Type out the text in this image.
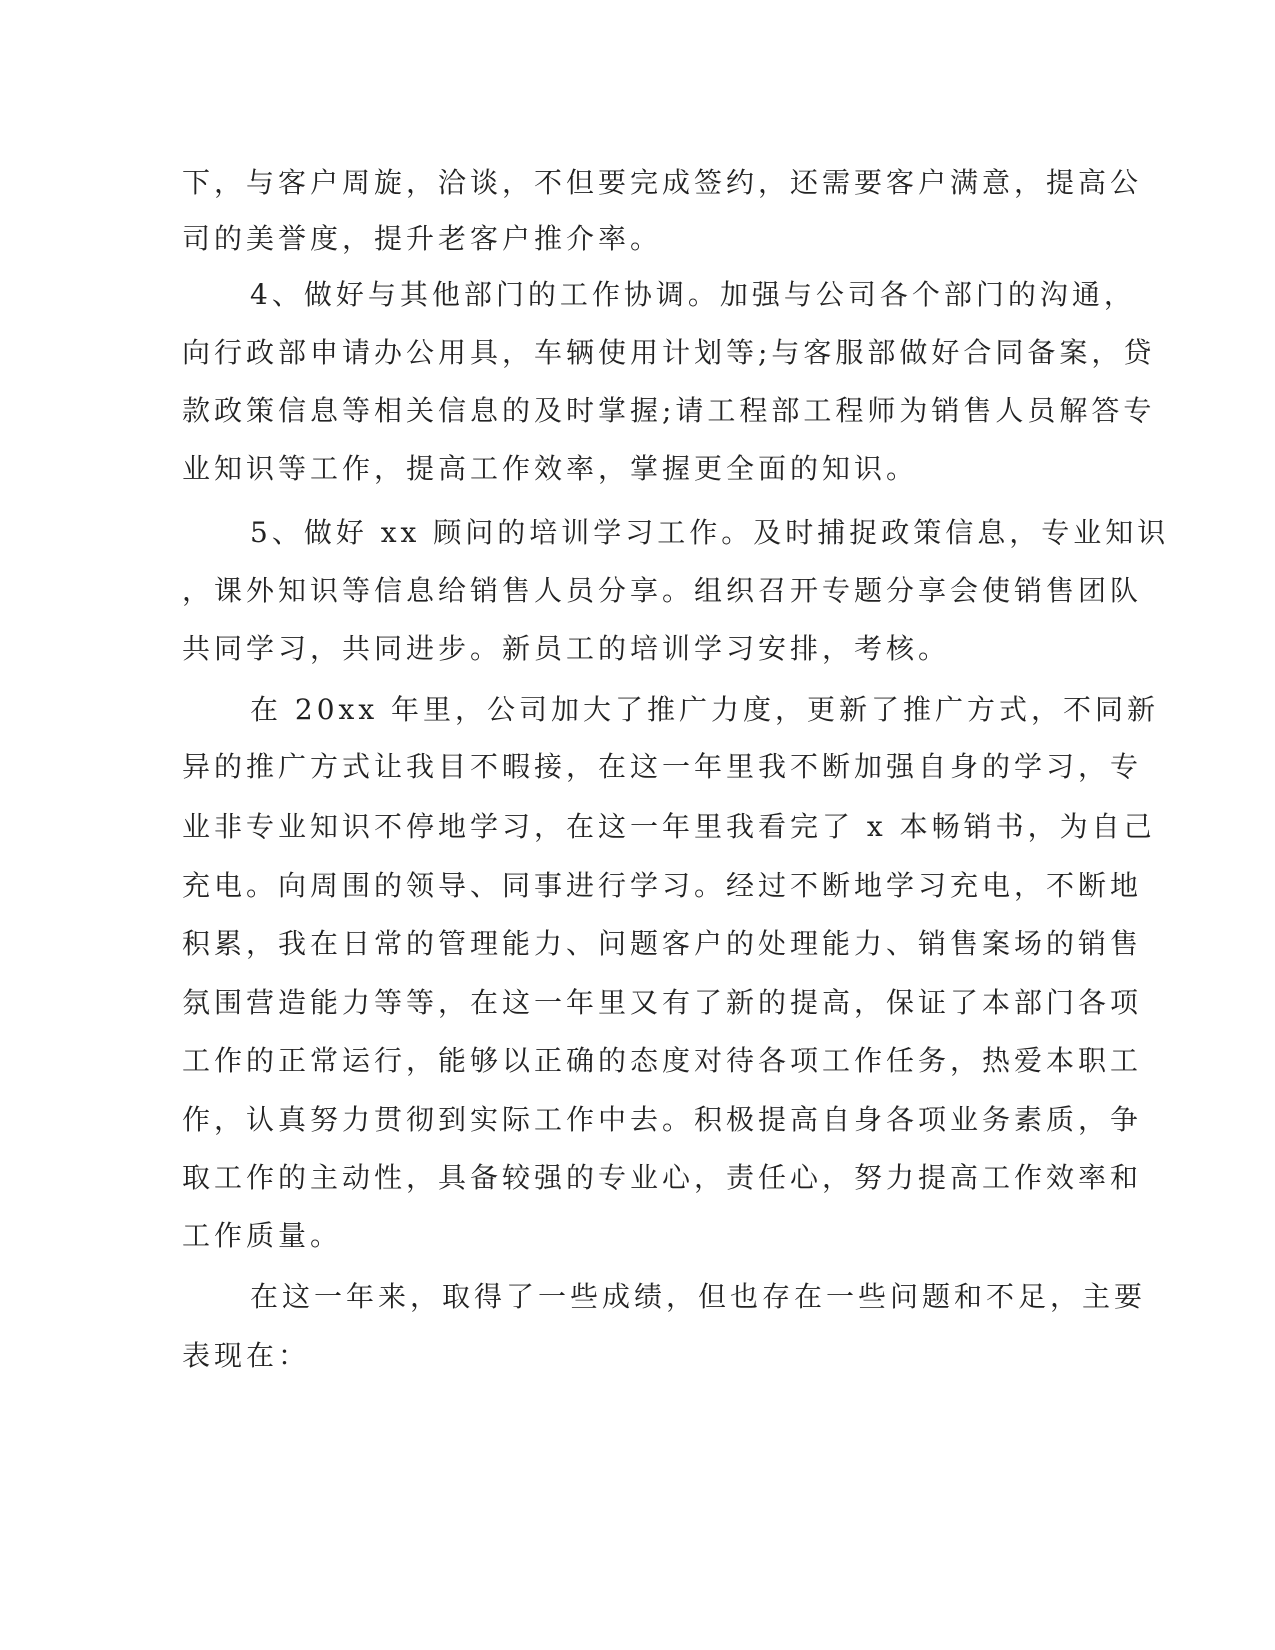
下，与客户周旋，洽谈，不但要完成签约，还需要客户满意，提高公
司的美誉度，提升老客户推介率。
4、做好与其他部门的工作协调。加强与公司各个部门的沟通，
向行政部申请办公用具，车辆使用计划等;与客服部做好合同备案，贷
款政策信息等相关信息的及时掌握;请工程部工程师为销售人员解答专
业知识等工作，提高工作效率，掌握更全面的知识。
5、做好 xx 顾问的培训学习工作。及时捕捉政策信息，专业知识
，课外知识等信息给销售人员分享。组织召开专题分享会使销售团队
共同学习，共同进步。新员工的培训学习安排，考核。
在 20xx 年里，公司加大了推广力度，更新了推广方式，不同新
异的推广方式让我目不暇接，在这一年里我不断加强自身的学习，专
业非专业知识不停地学习，在这一年里我看完了 x 本畅销书，为自己
充电。向周围的领导、同事进行学习。经过不断地学习充电，不断地
积累，我在日常的管理能力、问题客户的处理能力、销售案场的销售
氛围营造能力等等，在这一年里又有了新的提高，保证了本部门各项
工作的正常运行，能够以正确的态度对待各项工作任务，热爱本职工
作，认真努力贯彻到实际工作中去。积极提高自身各项业务素质，争
取工作的主动性，具备较强的专业心，责任心，努力提高工作效率和
工作质量。
在这一年来，取得了一些成绩，但也存在一些问题和不足，主要
表现在：
